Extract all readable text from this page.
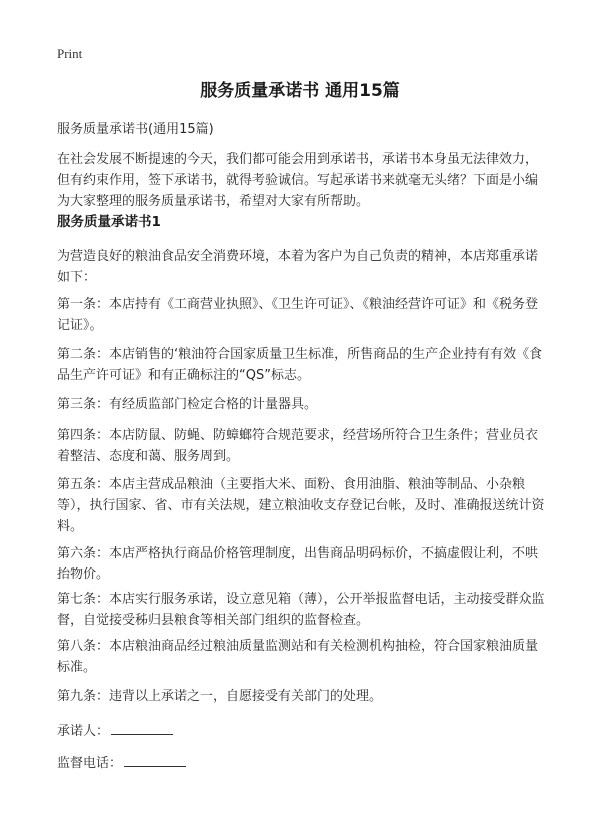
Print
服务质量承诺书 通用15篇

服务质量承诺书(通用15篇)

在社会发展不断提速的今天，我们都可能会用到承诺书，承诺书本身虽无法律效力，但有约束作用，签下承诺书，就得考验诚信。写起承诺书来就毫无头绪？下面是小编为大家整理的服务质量承诺书，希望对大家有所帮助。

服务质量承诺书1

为营造良好的粮油食品安全消费环境，本着为客户为自己负责的精神，本店郑重承诺如下：

第一条：本店持有《工商营业执照》、《卫生许可证》、《粮油经营许可证》和《税务登记证》。

第二条：本店销售的‘粮油符合国家质量卫生标准，所售商品的生产企业持有有效《食品生产许可证》和有正确标注的“QS”标志。

第三条：有经质监部门检定合格的计量器具。

第四条：本店防鼠、防蝇、防蟑螂符合规范要求，经营场所符合卫生条件；营业员衣着整洁、态度和蔼、服务周到。

第五条：本店主营成品粮油（主要指大米、面粉、食用油脂、粮油等制品、小杂粮等），执行国家、省、市有关法规，建立粮油收支存登记台帐，及时、准确报送统计资料。

第六条：本店严格执行商品价格管理制度，出售商品明码标价，不搞虚假让利，不哄抬物价。

第七条：本店实行服务承诺，设立意见箱（薄），公开举报监督电话，主动接受群众监督，自觉接受秭归县粮食等相关部门组织的监督检查。

第八条：本店粮油商品经过粮油质量监测站和有关检测机构抽检，符合国家粮油质量标准。

第九条：违背以上承诺之一，自愿接受有关部门的处理。

承诺人：
监督电话：
